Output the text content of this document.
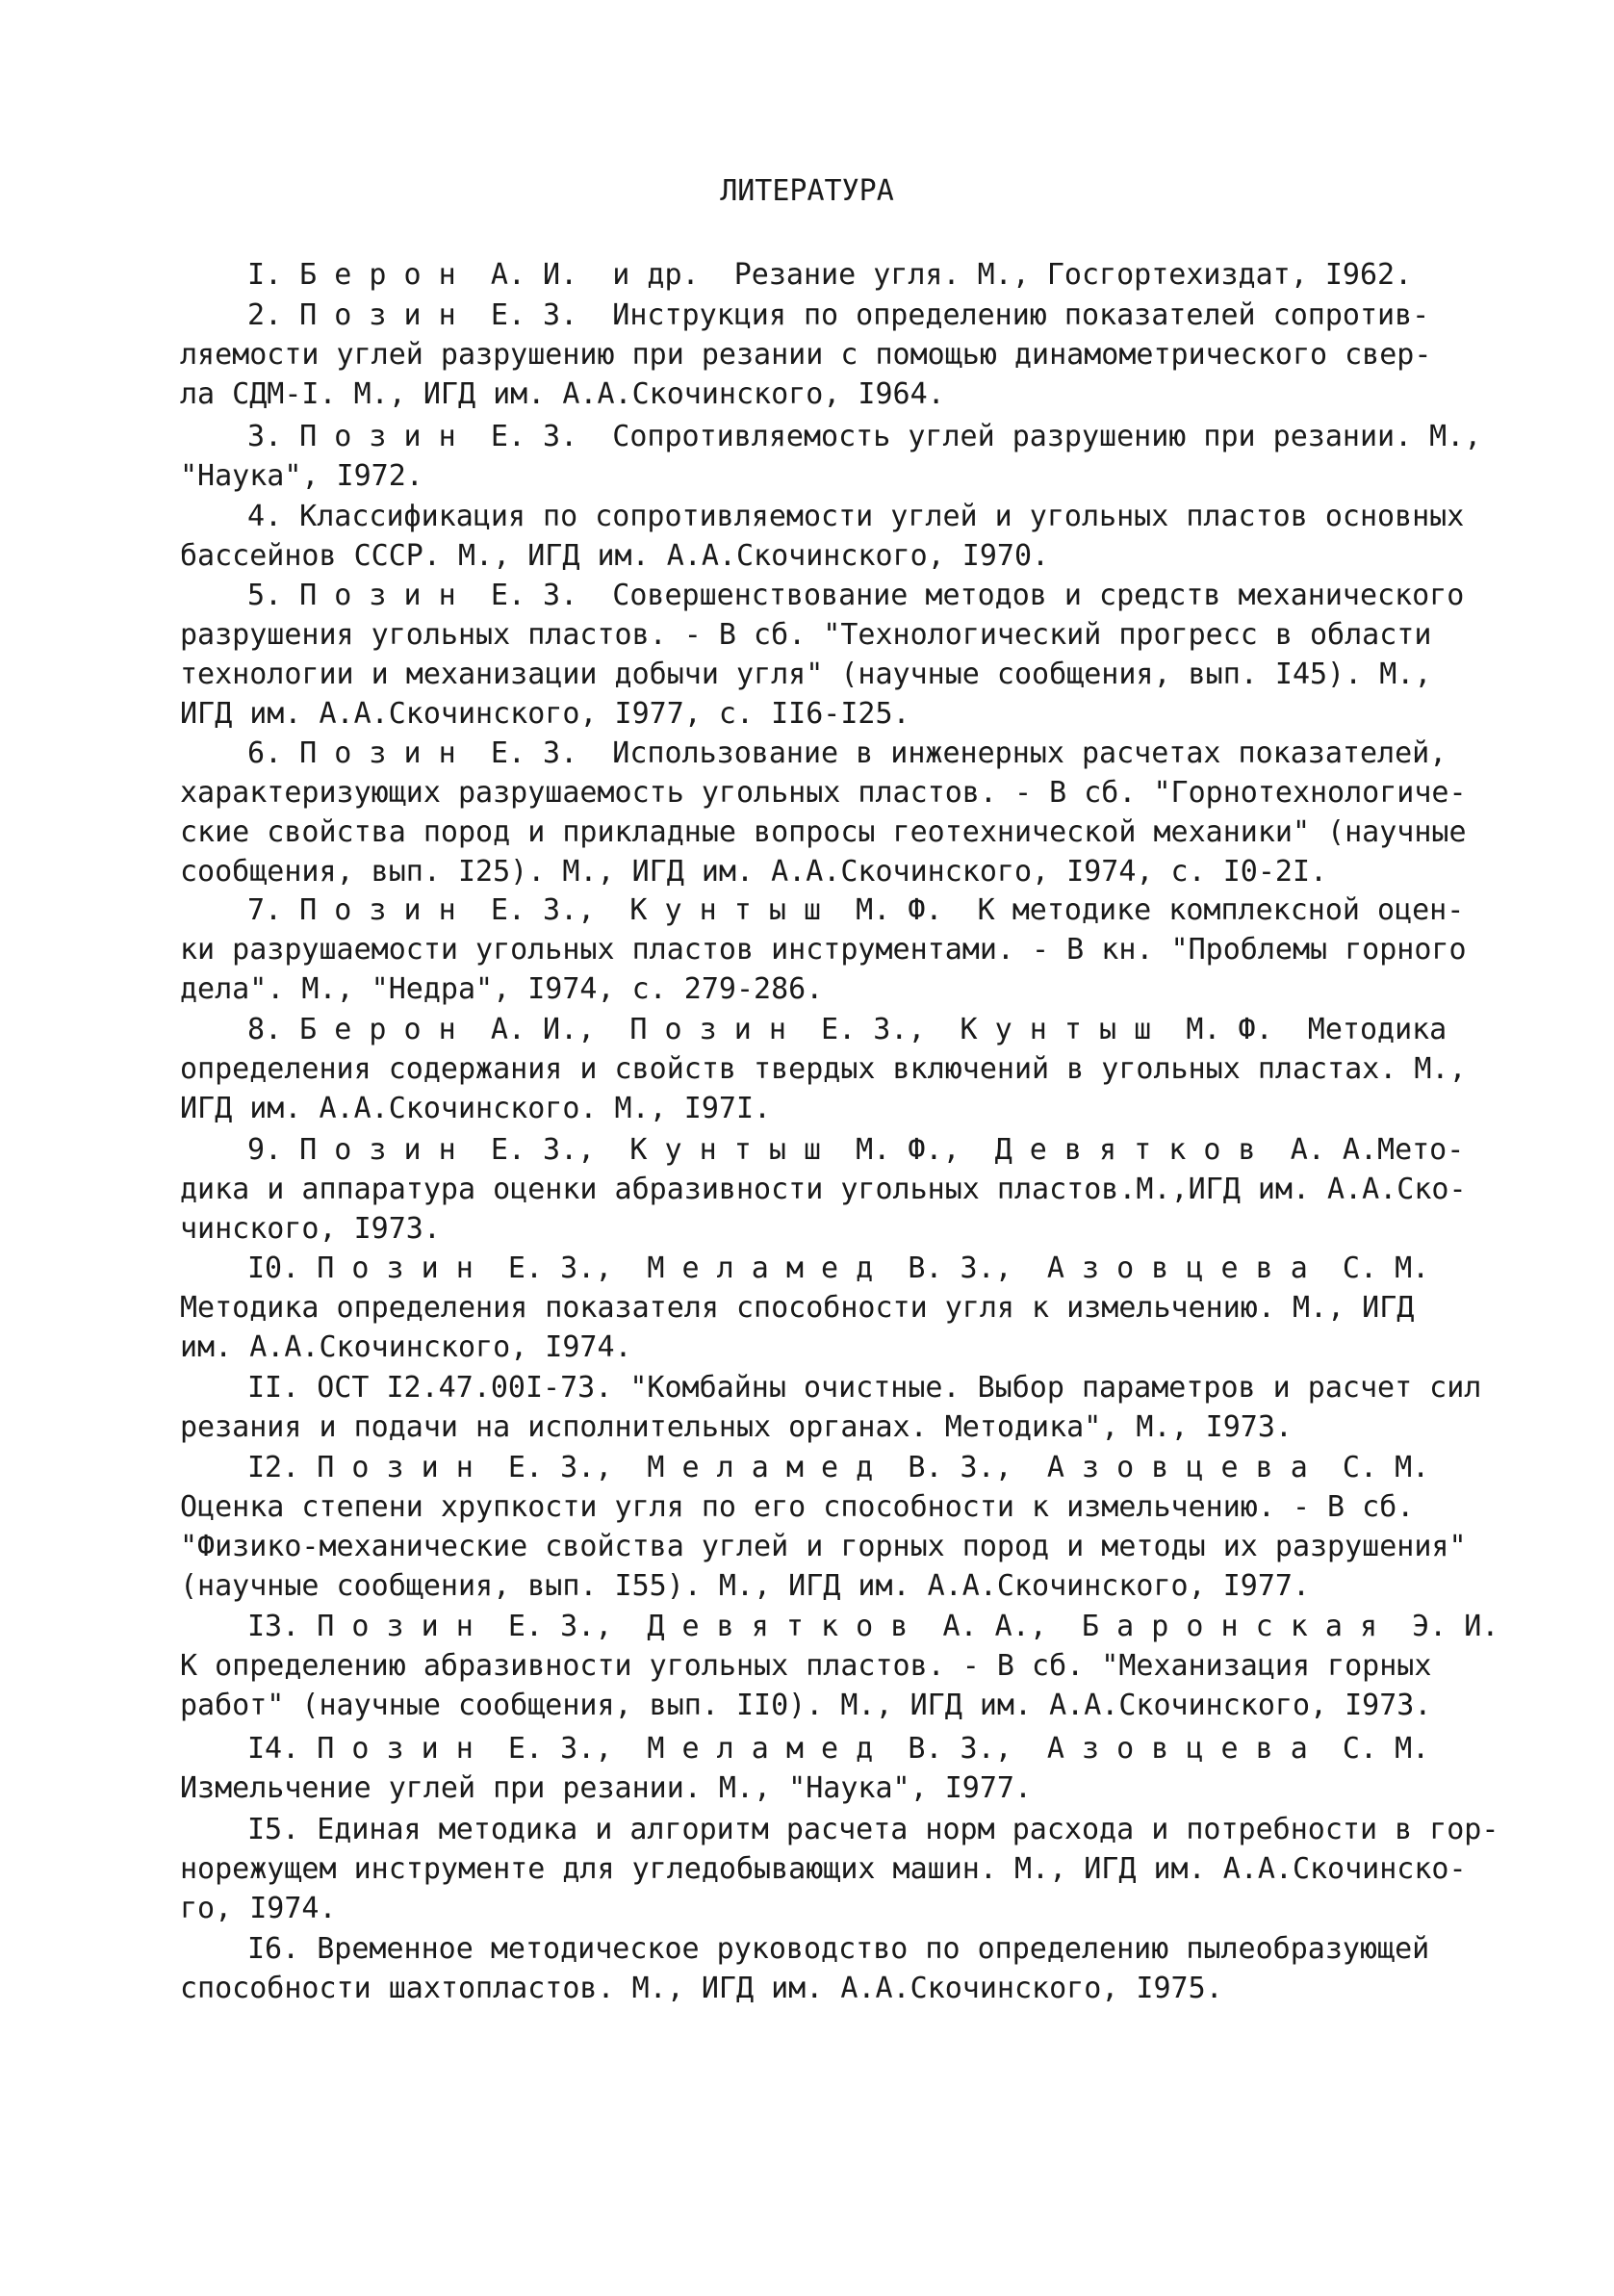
ЛИТЕРАТУРА
I. Б е р о н  А. И.  и др.  Резание угля. М., Госгортехиздат, I962.
2. П о з и н  Е. З.  Инструкция по определению показателей сопротив-
ляемости углей разрушению при резании с помощью динамометрического свер-
ла СДМ-I. М., ИГД им. А.А.Скочинского, I964.
3. П о з и н  Е. З.  Сопротивляемость углей разрушению при резании. М.,
"Наука", I972.
4. Классификация по сопротивляемости углей и угольных пластов основных
бассейнов СССР. М., ИГД им. А.А.Скочинского, I970.
5. П о з и н  Е. З.  Совершенствование методов и средств механического
разрушения угольных пластов. - В сб. "Технологический прогресс в области
технологии и механизации добычи угля" (научные сообщения, вып. I45). М.,
ИГД им. А.А.Скочинского, I977, с. II6-I25.
6. П о з и н  Е. З.  Использование в инженерных расчетах показателей,
характеризующих разрушаемость угольных пластов. - В сб. "Горнотехнологиче-
ские свойства пород и прикладные вопросы геотехнической механики" (научные
сообщения, вып. I25). М., ИГД им. А.А.Скочинского, I974, с. I0-2I.
7. П о з и н  Е. З.,  К у н т ы ш  М. Ф.  К методике комплексной оцен-
ки разрушаемости угольных пластов инструментами. - В кн. "Проблемы горного
дела". М., "Недра", I974, с. 279-286.
8. Б е р о н  А. И.,  П о з и н  Е. З.,  К у н т ы ш  М. Ф.  Методика
определения содержания и свойств твердых включений в угольных пластах. М.,
ИГД им. А.А.Скочинского. М., I97I.
9. П о з и н  Е. З.,  К у н т ы ш  М. Ф.,  Д е в я т к о в  А. А.Мето-
дика и аппаратура оценки абразивности угольных пластов.М.,ИГД им. А.А.Ско-
чинского, I973.
I0. П о з и н  Е. З.,  М е л а м е д  В. З.,  А з о в ц е в а  С. М.
Методика определения показателя способности угля к измельчению. М., ИГД
им. А.А.Скочинского, I974.
II. ОСТ I2.47.00I-73. "Комбайны очистные. Выбор параметров и расчет сил
резания и подачи на исполнительных органах. Методика", М., I973.
I2. П о з и н  Е. З.,  М е л а м е д  В. З.,  А з о в ц е в а  С. М.
Оценка степени хрупкости угля по его способности к измельчению. - В сб.
"Физико-механические свойства углей и горных пород и методы их разрушения"
(научные сообщения, вып. I55). М., ИГД им. А.А.Скочинского, I977.
I3. П о з и н  Е. З.,  Д е в я т к о в  А. А.,  Б а р о н с к а я  Э. И.
К определению абразивности угольных пластов. - В сб. "Механизация горных
работ" (научные сообщения, вып. II0). М., ИГД им. А.А.Скочинского, I973.
I4. П о з и н  Е. З.,  М е л а м е д  В. З.,  А з о в ц е в а  С. М.
Измельчение углей при резании. М., "Наука", I977.
I5. Единая методика и алгоритм расчета норм расхода и потребности в гор-
норежущем инструменте для угледобывающих машин. М., ИГД им. А.А.Скочинско-
го, I974.
I6. Временное методическое руководство по определению пылеобразующей
способности шахтопластов. М., ИГД им. А.А.Скочинского, I975.
